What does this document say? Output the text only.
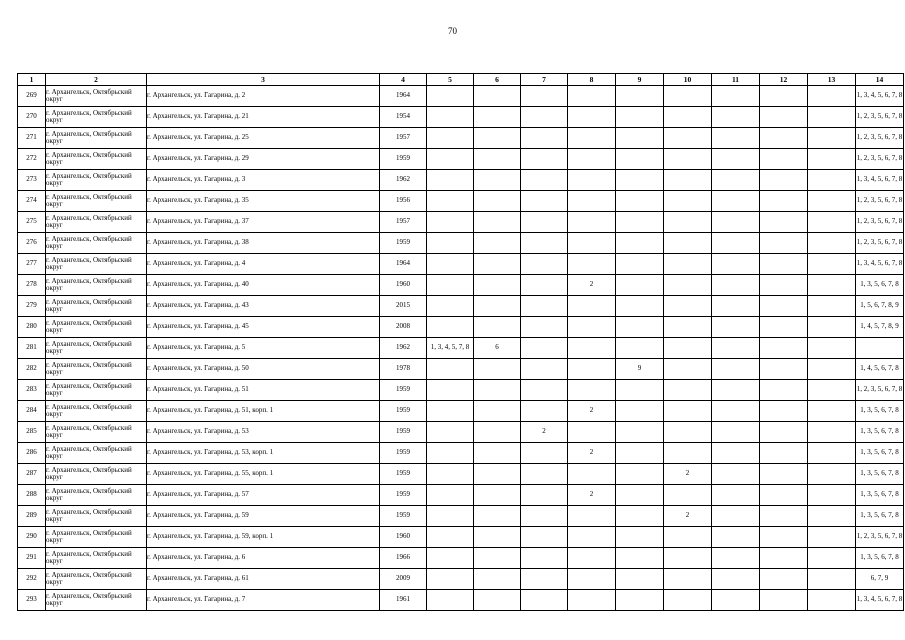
70
1	2	3	4	5	6	7	8	9	10	11	12	13	14
269	г. Архангельск, Октябрьский округ	г. Архангельск, ул. Гагарина, д. 2	1964										1, 3, 4, 5, 6, 7, 8
270	г. Архангельск, Октябрьский округ	г. Архангельск, ул. Гагарина, д. 21	1954										1, 2, 3, 5, 6, 7, 8
271	г. Архангельск, Октябрьский округ	г. Архангельск, ул. Гагарина, д. 25	1957										1, 2, 3, 5, 6, 7, 8
272	г. Архангельск, Октябрьский округ	г. Архангельск, ул. Гагарина, д. 29	1959										1, 2, 3, 5, 6, 7, 8
273	г. Архангельск, Октябрьский округ	г. Архангельск, ул. Гагарина, д. 3	1962										1, 3, 4, 5, 6, 7, 8
274	г. Архангельск, Октябрьский округ	г. Архангельск, ул. Гагарина, д. 35	1956										1, 2, 3, 5, 6, 7, 8
275	г. Архангельск, Октябрьский округ	г. Архангельск, ул. Гагарина, д. 37	1957										1, 2, 3, 5, 6, 7, 8
276	г. Архангельск, Октябрьский округ	г. Архангельск, ул. Гагарина, д. 38	1959										1, 2, 3, 5, 6, 7, 8
277	г. Архангельск, Октябрьский округ	г. Архангельск, ул. Гагарина, д. 4	1964										1, 3, 4, 5, 6, 7, 8
278	г. Архангельск, Октябрьский округ	г. Архангельск, ул. Гагарина, д. 40	1960				2						1, 3, 5, 6, 7, 8
279	г. Архангельск, Октябрьский округ	г. Архангельск, ул. Гагарина, д. 43	2015										1, 5, 6, 7, 8, 9
280	г. Архангельск, Октябрьский округ	г. Архангельск, ул. Гагарина, д. 45	2008										1, 4, 5, 7, 8, 9
281	г. Архангельск, Октябрьский округ	г. Архангельск, ул. Гагарина, д. 5	1962	1, 3, 4, 5, 7, 8	6								
282	г. Архангельск, Октябрьский округ	г. Архангельск, ул. Гагарина, д. 50	1978					9					1, 4, 5, 6, 7, 8
283	г. Архангельск, Октябрьский округ	г. Архангельск, ул. Гагарина, д. 51	1959										1, 2, 3, 5, 6, 7, 8
284	г. Архангельск, Октябрьский округ	г. Архангельск, ул. Гагарина, д. 51, корп. 1	1959				2						1, 3, 5, 6, 7, 8
285	г. Архангельск, Октябрьский округ	г. Архангельск, ул. Гагарина, д. 53	1959			2							1, 3, 5, 6, 7, 8
286	г. Архангельск, Октябрьский округ	г. Архангельск, ул. Гагарина, д. 53, корп. 1	1959				2						1, 3, 5, 6, 7, 8
287	г. Архангельск, Октябрьский округ	г. Архангельск, ул. Гагарина, д. 55, корп. 1	1959						2				1, 3, 5, 6, 7, 8
288	г. Архангельск, Октябрьский округ	г. Архангельск, ул. Гагарина, д. 57	1959				2						1, 3, 5, 6, 7, 8
289	г. Архангельск, Октябрьский округ	г. Архангельск, ул. Гагарина, д. 59	1959						2				1, 3, 5, 6, 7, 8
290	г. Архангельск, Октябрьский округ	г. Архангельск, ул. Гагарина, д. 59, корп. 1	1960										1, 2, 3, 5, 6, 7, 8
291	г. Архангельск, Октябрьский округ	г. Архангельск, ул. Гагарина, д. 6	1966										1, 3, 5, 6, 7, 8
292	г. Архангельск, Октябрьский округ	г. Архангельск, ул. Гагарина, д. 61	2009										6, 7, 9
293	г. Архангельск, Октябрьский округ	г. Архангельск, ул. Гагарина, д. 7	1961										1, 3, 4, 5, 6, 7, 8
